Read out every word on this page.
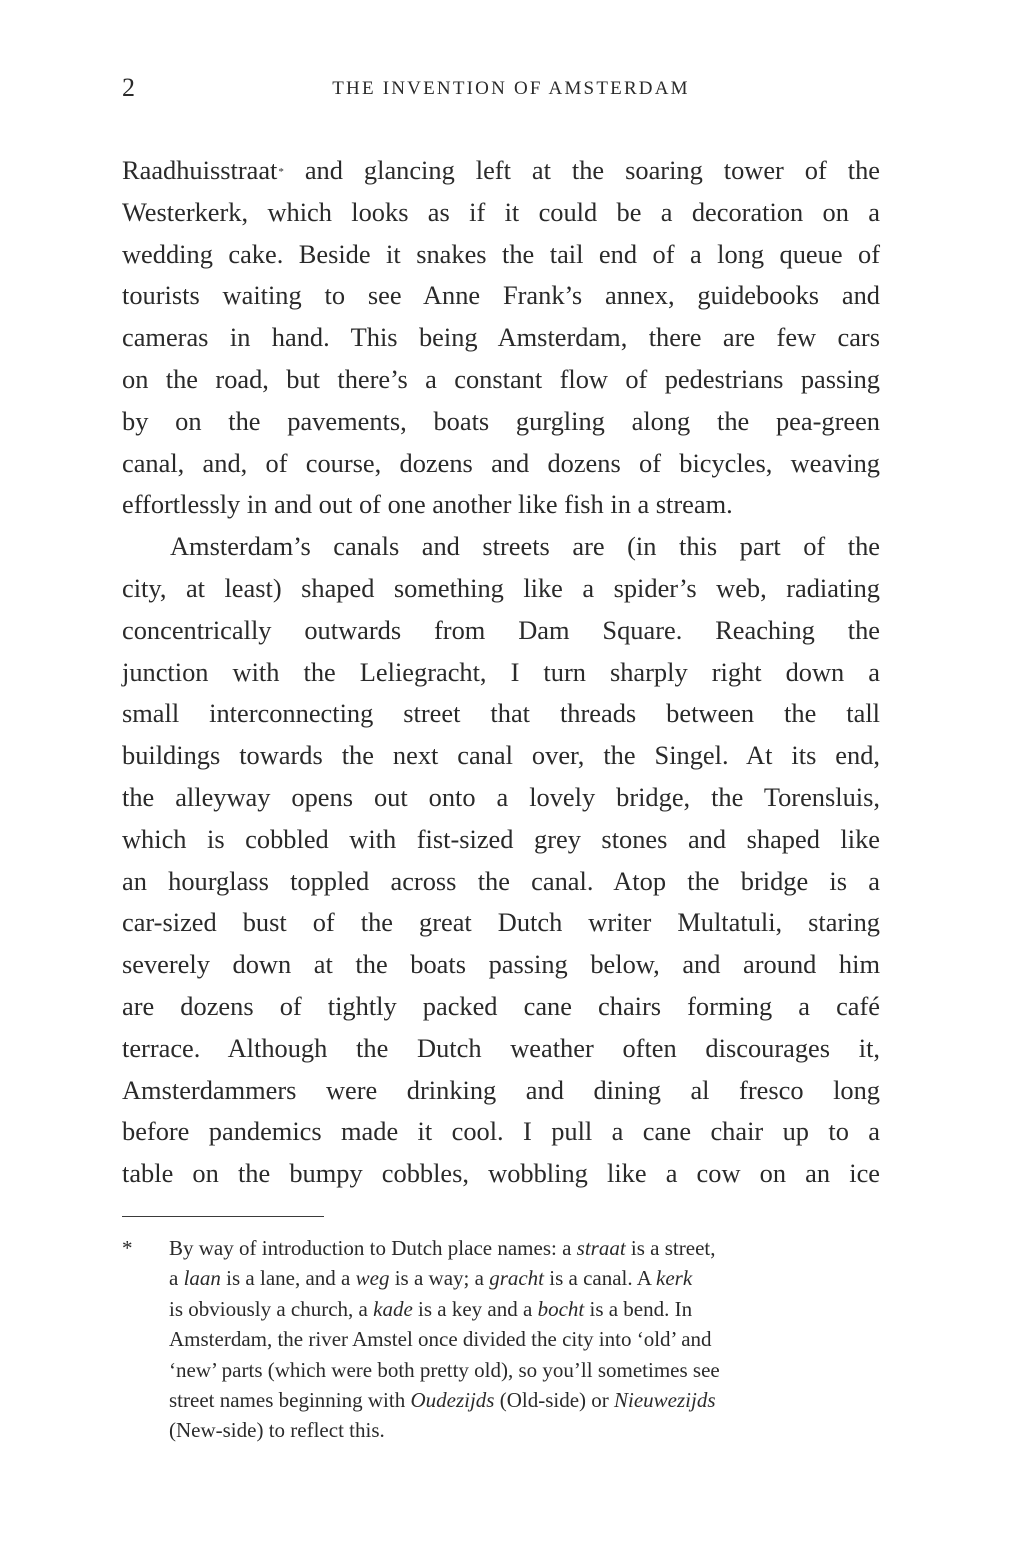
2	THE INVENTION OF AMSTERDAM
Raadhuisstraat* and glancing left at the soaring tower of the
Westerkerk, which looks as if it could be a decoration on a
wedding cake. Beside it snakes the tail end of a long queue of
tourists waiting to see Anne Frank’s annex, guidebooks and
cameras in hand. This being Amsterdam, there are few cars
on the road, but there’s a constant flow of pedestrians passing
by on the pavements, boats gurgling along the pea-green
canal, and, of course, dozens and dozens of bicycles, weaving
effortlessly in and out of one another like fish in a stream.
Amsterdam’s canals and streets are (in this part of the
city, at least) shaped something like a spider’s web, radiating
concentrically outwards from Dam Square. Reaching the
junction with the Leliegracht, I turn sharply right down a
small interconnecting street that threads between the tall
buildings towards the next canal over, the Singel. At its end,
the alleyway opens out onto a lovely bridge, the Torensluis,
which is cobbled with fist-sized grey stones and shaped like
an hourglass toppled across the canal. Atop the bridge is a
car-sized bust of the great Dutch writer Multatuli, staring
severely down at the boats passing below, and around him
are dozens of tightly packed cane chairs forming a café
terrace. Although the Dutch weather often discourages it,
Amsterdammers were drinking and dining al fresco long
before pandemics made it cool. I pull a cane chair up to a
table on the bumpy cobbles, wobbling like a cow on an ice
*	By way of introduction to Dutch place names: a straat is a street,
a laan is a lane, and a weg is a way; a gracht is a canal. A kerk
is obviously a church, a kade is a key and a bocht is a bend. In
Amsterdam, the river Amstel once divided the city into ‘old’ and
‘new’ parts (which were both pretty old), so you’ll sometimes see
street names beginning with Oudezijds (Old-side) or Nieuwezijds
(New-side) to reflect this.
